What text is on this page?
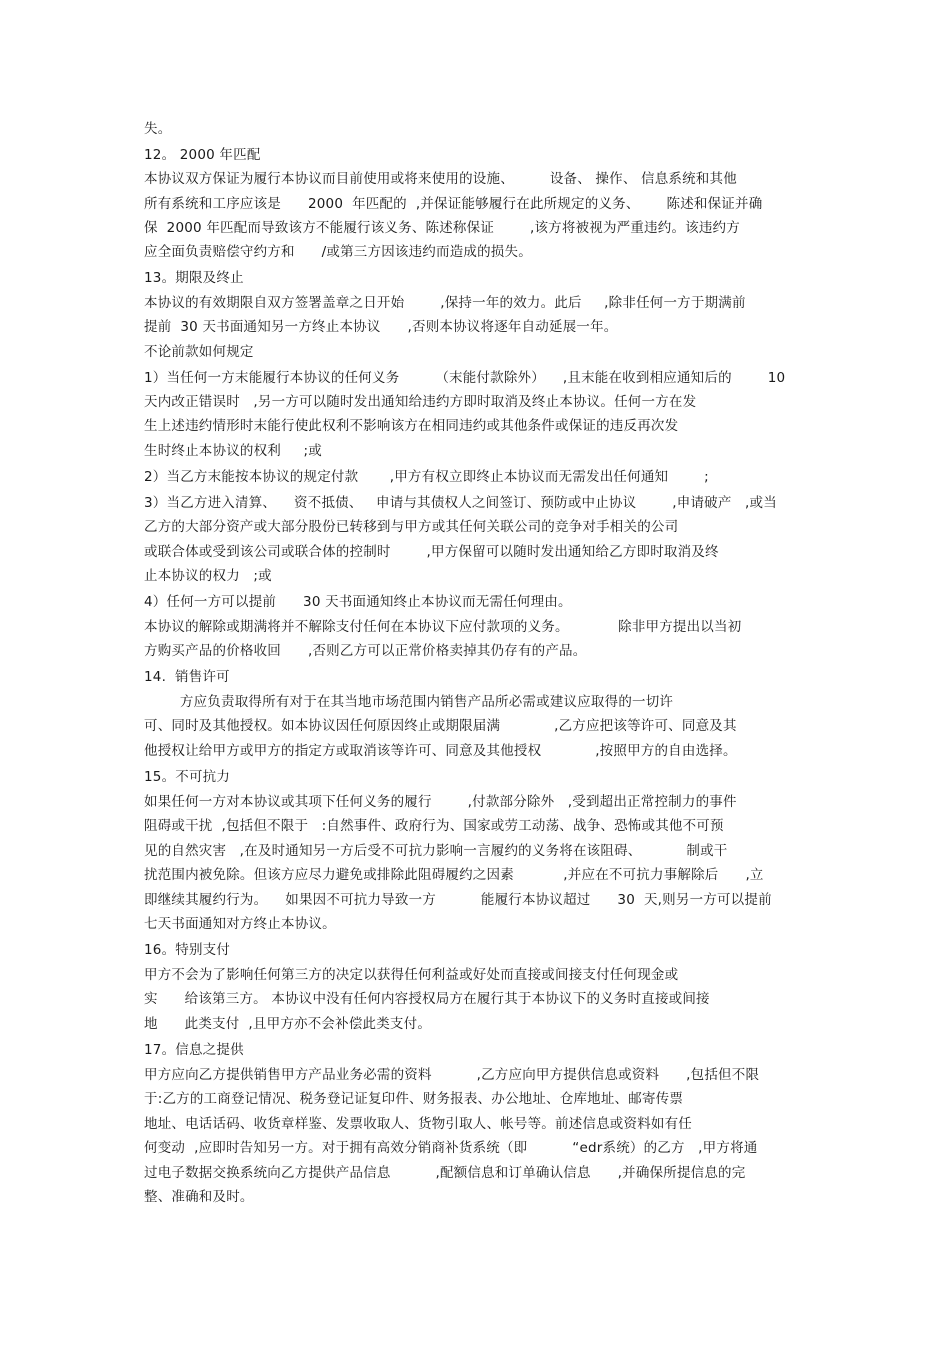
失。
12。 2000 年匹配
本协议双方保证为履行本协议而目前使用或将来使用的设施、        设备、 操作、 信息系统和其他
所有系统和工序应该是      2000  年匹配的  ,并保证能够履行在此所规定的义务、      陈述和保证并确
保  2000 年匹配而导致该方不能履行该义务、陈述称保证        ,该方将被视为严重违约。该违约方
应全面负责赔偿守约方和      /或第三方因该违约而造成的损失。
13。期限及终止
本协议的有效期限自双方签署盖章之日开始        ,保持一年的效力。此后     ,除非任何一方于期满前
提前  30 天书面通知另一方终止本协议      ,否则本协议将逐年自动延展一年。
不论前款如何规定
1）当任何一方末能履行本协议的任何义务        （末能付款除外）    ,且末能在收到相应通知后的        10
天内改正错误时   ,另一方可以随时发出通知给违约方即时取消及终止本协议。任何一方在发
生上述违约情形时末能行使此权利不影响该方在相同违约或其他条件或保证的违反再次发
生时终止本协议的权利     ;或
2）当乙方末能按本协议的规定付款       ,甲方有权立即终止本协议而无需发出任何通知        ;
3）当乙方进入清算、    资不抵债、   申请与其债权人之间签订、预防或中止协议        ,申请破产   ,或当
乙方的大部分资产或大部分股份已转移到与甲方或其任何关联公司的竞争对手相关的公司
或联合体或受到该公司或联合体的控制时        ,甲方保留可以随时发出通知给乙方即时取消及终
止本协议的权力   ;或
4）任何一方可以提前      30 天书面通知终止本协议而无需任何理由。
本协议的解除或期满将并不解除支付任何在本协议下应付款项的义务。           除非甲方提出以当初
方购买产品的价格收回      ,否则乙方可以正常价格卖掉其仍存有的产品。
14.  销售许可
方应负责取得所有对于在其当地市场范围内销售产品所必需或建议应取得的一切许
可、同时及其他授权。如本协议因任何原因终止或期限届满            ,乙方应把该等许可、同意及其
他授权让给甲方或甲方的指定方或取消该等许可、同意及其他授权            ,按照甲方的自由选择。
15。不可抗力
如果任何一方对本协议或其项下任何义务的履行        ,付款部分除外   ,受到超出正常控制力的事件
阻碍或干扰  ,包括但不限于   :自然事件、政府行为、国家或劳工动荡、战争、恐怖或其他不可预
见的自然灾害   ,在及时通知另一方后受不可抗力影响一言履约的义务将在该阻碍、          制或干
扰范围内被免除。但该方应尽力避免或排除此阻碍履约之因素           ,并应在不可抗力事解除后      ,立
即继续其履约行为。    如果因不可抗力导致一方          能履行本协议超过      30  天,则另一方可以提前
七天书面通知对方终止本协议。
16。特别支付
甲方不会为了影响任何第三方的决定以获得任何利益或好处而直接或间接支付任何现金或
实      给该第三方。 本协议中没有任何内容授权局方在履行其于本协议下的义务时直接或间接
地      此类支付  ,且甲方亦不会补偿此类支付。
17。信息之提供
甲方应向乙方提供销售甲方产品业务必需的资料          ,乙方应向甲方提供信息或资料      ,包括但不限
于:乙方的工商登记情况、税务登记证复印件、财务报表、办公地址、仓库地址、邮寄传票
地址、电话话码、收货章样鉴、发票收取人、货物引取人、帐号等。前述信息或资料如有任
何变动  ,应即时告知另一方。对于拥有高效分销商补货系统（即          “edr系统）的乙方   ,甲方将通
过电子数据交换系统向乙方提供产品信息          ,配额信息和订单确认信息      ,并确保所提信息的完
整、准确和及时。
